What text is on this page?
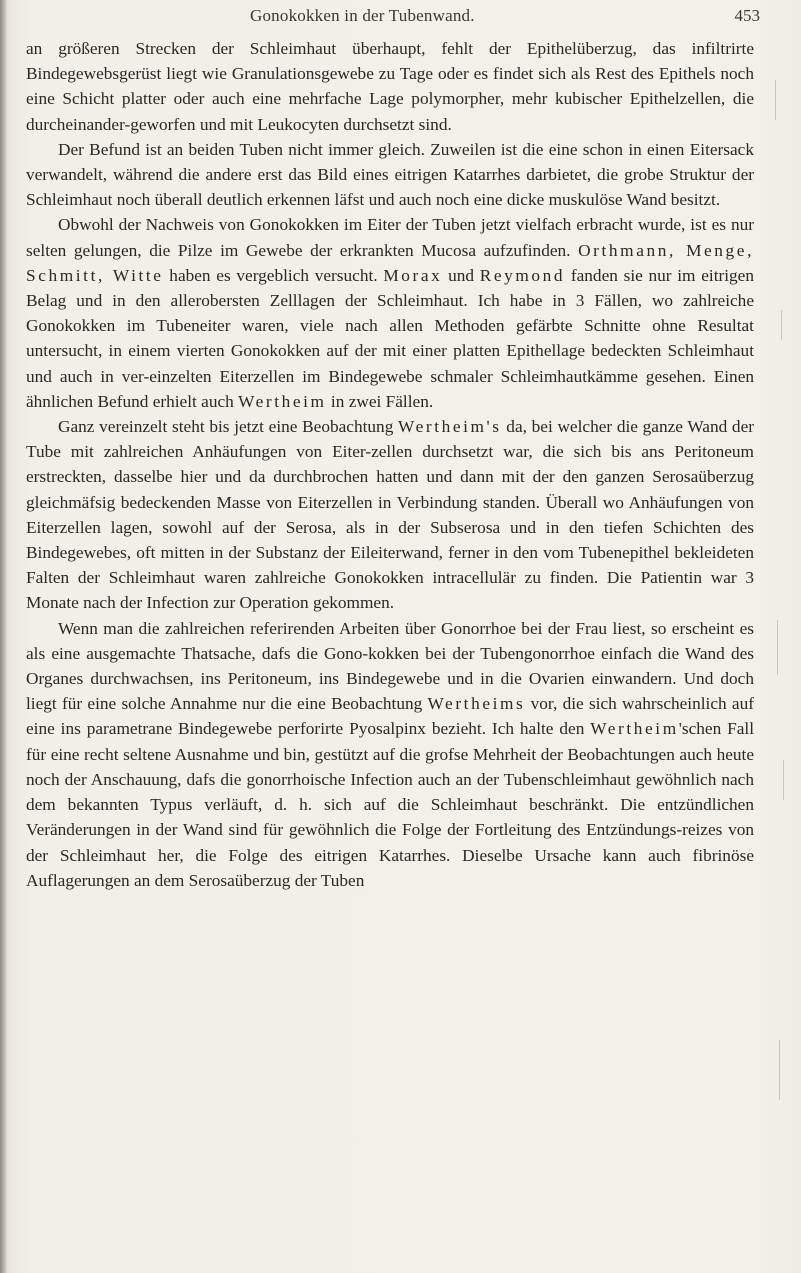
Gonokokken in der Tubenwand.	453

an größeren Strecken der Schleimhaut überhaupt, fehlt der Epithelüberzug, das infiltrirte Bindegewebsgerüst liegt wie Granulationsgewebe zu Tage oder es findet sich als Rest des Epithels noch eine Schicht platter oder auch eine mehrfache Lage polymorpher, mehr kubischer Epithelzellen, die durcheinander-geworfen und mit Leukocyten durchsetzt sind.

Der Befund ist an beiden Tuben nicht immer gleich. Zuweilen ist die eine schon in einen Eitersack verwandelt, während die andere erst das Bild eines eitrigen Katarrhes darbietet, die grobe Struktur der Schleimhaut noch überall deutlich erkennen läfst und auch noch eine dicke muskulöse Wand besitzt.

Obwohl der Nachweis von Gonokokken im Eiter der Tuben jetzt vielfach erbracht wurde, ist es nur selten gelungen, die Pilze im Gewebe der erkrankten Mucosa aufzufinden. Orthmann, Menge, Schmitt, Witte haben es vergeblich versucht. Morax und Reymond fanden sie nur im eitrigen Belag und in den allerobersten Zelllagen der Schleimhaut. Ich habe in 3 Fällen, wo zahlreiche Gonokokken im Tubeneiter waren, viele nach allen Methoden gefärbte Schnitte ohne Resultat untersucht, in einem vierten Gonokokken auf der mit einer platten Epithellage bedeckten Schleimhaut und auch in ver-einzelten Eiterzellen im Bindegewebe schmaler Schleimhautkämme gesehen. Einen ähnlichen Befund erhielt auch Wertheim in zwei Fällen.

Ganz vereinzelt steht bis jetzt eine Beobachtung Wertheim's da, bei welcher die ganze Wand der Tube mit zahlreichen Anhäufungen von Eiter-zellen durchsetzt war, die sich bis ans Peritoneum erstreckten, dasselbe hier und da durchbrochen hatten und dann mit der den ganzen Serosaüberzug gleichmäfsig bedeckenden Masse von Eiterzellen in Verbindung standen. Überall wo Anhäufungen von Eiterzellen lagen, sowohl auf der Serosa, als in der Subserosa und in den tiefen Schichten des Bindegewebes, oft mitten in der Substanz der Eileiterwand, ferner in den vom Tubenepithel bekleideten Falten der Schleimhaut waren zahlreiche Gonokokken intracellulär zu finden. Die Patientin war 3 Monate nach der Infection zur Operation gekommen.

Wenn man die zahlreichen referirenden Arbeiten über Gonorrhoe bei der Frau liest, so erscheint es als eine ausgemachte Thatsache, dafs die Gono-kokken bei der Tubengonorrhoe einfach die Wand des Organes durchwachsen, ins Peritoneum, ins Bindegewebe und in die Ovarien einwandern. Und doch liegt für eine solche Annahme nur die eine Beobachtung Wertheims vor, die sich wahrscheinlich auf eine ins parametrane Bindegewebe perforirte Pyosalpinx bezieht. Ich halte den Wertheim'schen Fall für eine recht seltene Ausnahme und bin, gestützt auf die grofse Mehrheit der Beobachtungen auch heute noch der Anschauung, dafs die gonorrhoische Infection auch an der Tubenschleimhaut gewöhnlich nach dem bekannten Typus verläuft, d. h. sich auf die Schleimhaut beschränkt. Die entzündlichen Veränderungen in der Wand sind für gewöhnlich die Folge der Fortleitung des Entzündungs-reizes von der Schleimhaut her, die Folge des eitrigen Katarrhes. Dieselbe Ursache kann auch fibrinöse Auflagerungen an dem Serosaüberzug der Tuben
